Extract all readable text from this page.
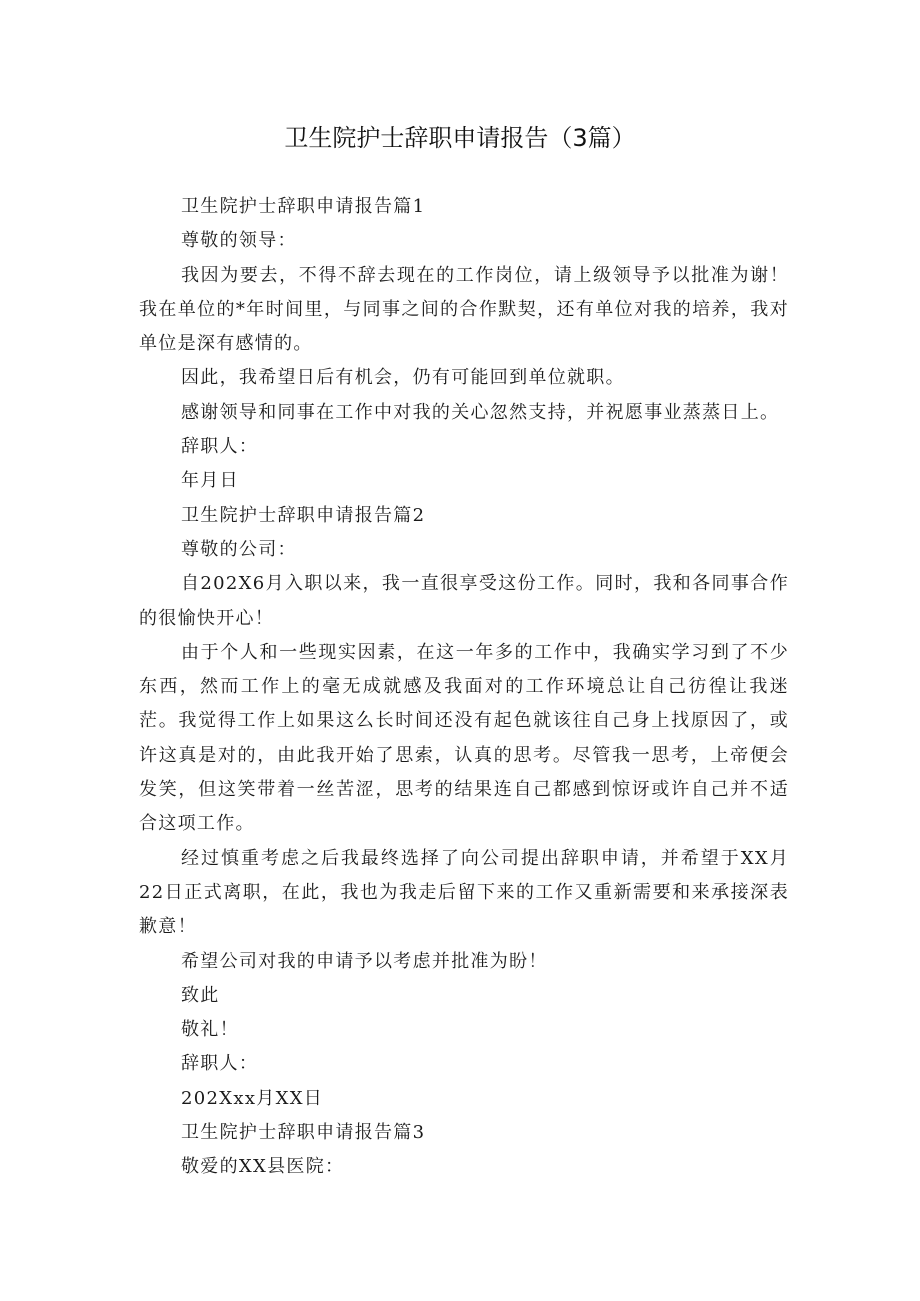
卫生院护士辞职申请报告（3篇）

卫生院护士辞职申请报告篇1

尊敬的领导：

我因为要去，不得不辞去现在的工作岗位，请上级领导予以批准为谢！我在单位的*年时间里，与同事之间的合作默契，还有单位对我的培养，我对单位是深有感情的。

因此，我希望日后有机会，仍有可能回到单位就职。

感谢领导和同事在工作中对我的关心忽然支持，并祝愿事业蒸蒸日上。

辞职人：

年月日

卫生院护士辞职申请报告篇2

尊敬的公司：

自202X6月入职以来，我一直很享受这份工作。同时，我和各同事合作的很愉快开心！

由于个人和一些现实因素，在这一年多的工作中，我确实学习到了不少东西，然而工作上的毫无成就感及我面对的工作环境总让自己彷徨让我迷茫。我觉得工作上如果这么长时间还没有起色就该往自己身上找原因了，或许这真是对的，由此我开始了思索，认真的思考。尽管我一思考，上帝便会发笑，但这笑带着一丝苦涩，思考的结果连自己都感到惊讶或许自己并不适合这项工作。

经过慎重考虑之后我最终选择了向公司提出辞职申请，并希望于XX月22日正式离职，在此，我也为我走后留下来的工作又重新需要和来承接深表歉意！

希望公司对我的申请予以考虑并批准为盼！

致此

敬礼！

辞职人：

202Xxx月XX日

卫生院护士辞职申请报告篇3

敬爱的XX县医院：
